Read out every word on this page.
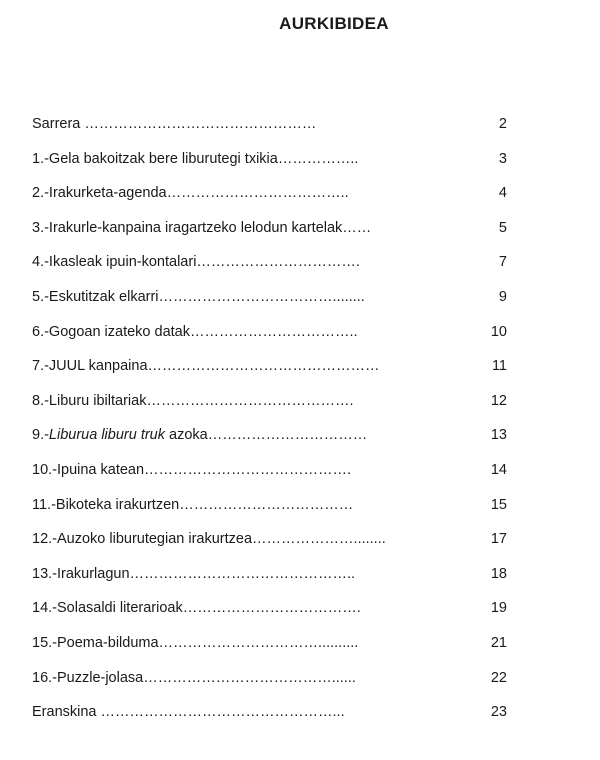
AURKIBIDEA
Sarrera …………………………………………	2
1.-Gela bakoitzak bere liburutegi txikia……………..	3
2.-Irakurketa-agenda………………………………..	4
3.-Irakurle-kanpaina iragartzeko lelodun kartelak……	5
4.-Ikasleak ipuin-kontalari…………………………….	7
5.-Eskutitzak elkarri………………………………........	9
6.-Gogoan izateko datak……………………………..	10
7.-JUUL kanpaina…………………………………………	11
8.-Liburu ibiltariak…………………………………….	12
9.-Liburua liburu truk azoka……………………………	13
10.-Ipuina katean…………………………………….	14
11.-Bikoteka irakurtzen………………………………	15
12.-Auzoko liburutegian irakurtzea…………………........	17
13.-Irakurlagun………………………………………..	18
14.-Solasaldi literarioak……………………………….	19
15.-Poema-bilduma……………………………..........	21
16.-Puzzle-jolasa…………………………………......	22
Eranskina …………………………………………...	23
